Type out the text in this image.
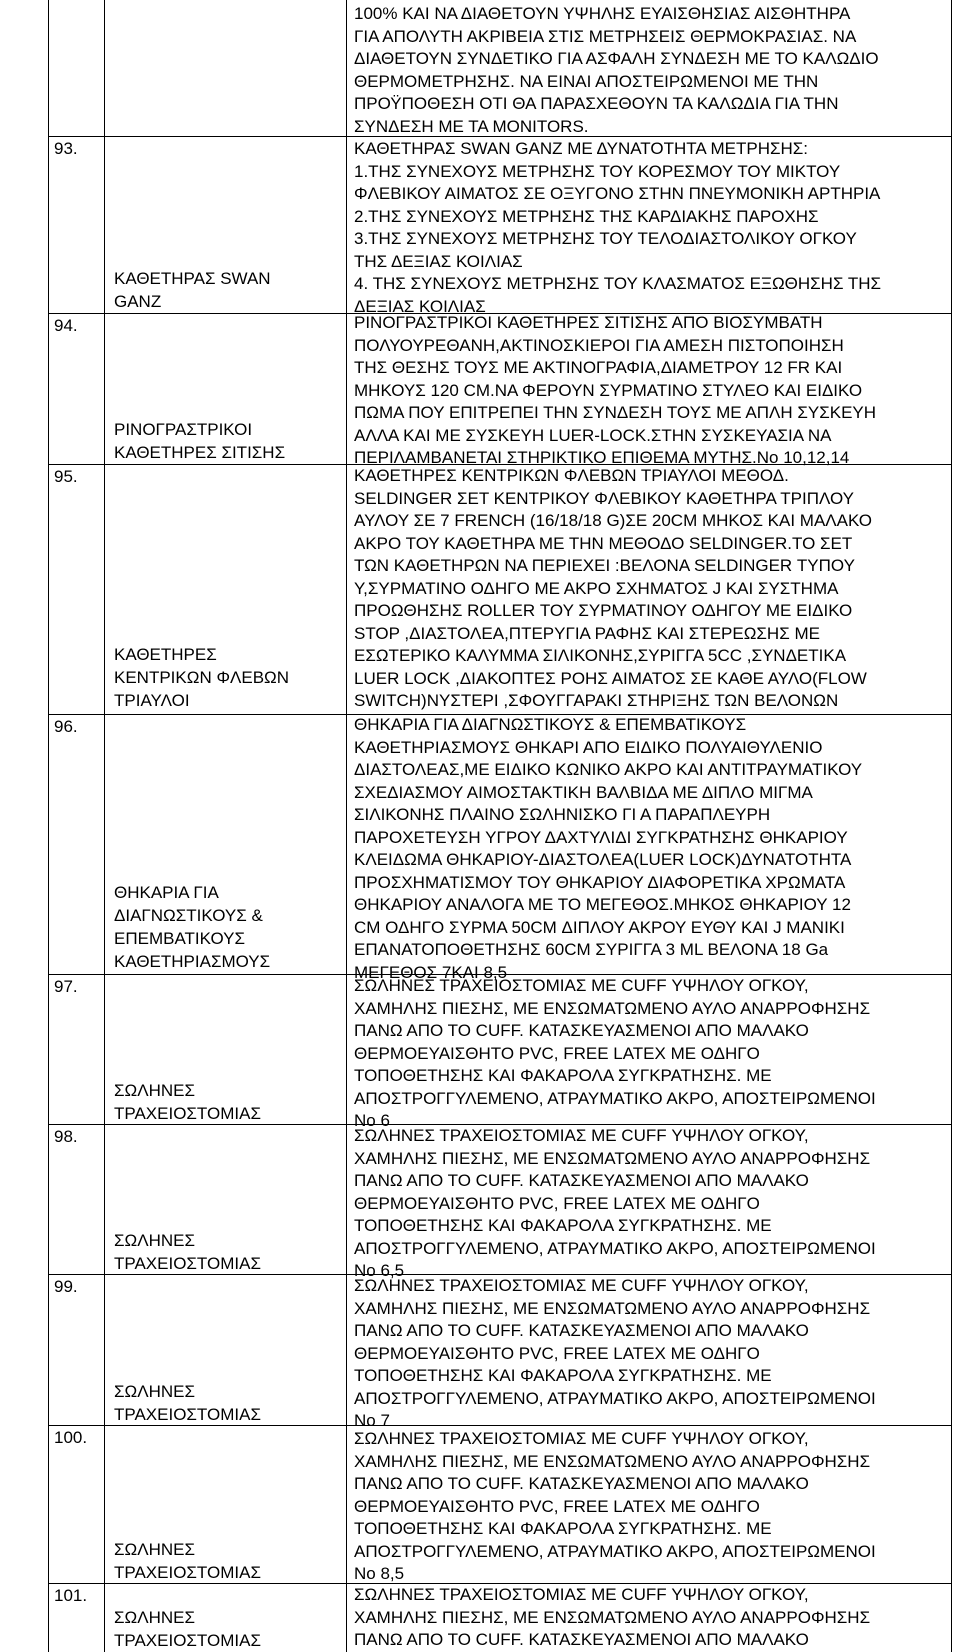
100% ΚΑΙ ΝΑ ΔΙΑΘΕΤΟΥΝ ΥΨΗΛΗΣ ΕΥΑΙΣΘΗΣΙΑΣ ΑΙΣΘΗΤΗΡΑ
ΓΙΑ ΑΠΟΛΥΤΗ ΑΚΡΙΒΕΙΑ ΣΤΙΣ ΜΕΤΡΗΣΕΙΣ ΘΕΡΜΟΚΡΑΣΙΑΣ. ΝΑ
ΔΙΑΘΕΤΟΥΝ ΣΥΝΔΕΤΙΚΟ ΓΙΑ ΑΣΦΑΛΗ ΣΥΝΔΕΣΗ ΜΕ ΤΟ ΚΑΛΩΔΙΟ
ΘΕΡΜΟΜΕΤΡΗΣΗΣ. ΝΑ ΕΙΝΑΙ ΑΠΟΣΤΕΙΡΩΜΕΝΟΙ ΜΕ ΤΗΝ
ΠΡΟΫΠΟΘΕΣΗ ΟΤΙ ΘΑ ΠΑΡΑΣΧΕΘΟΥΝ ΤΑ ΚΑΛΩΔΙΑ ΓΙΑ ΤΗΝ
ΣΥΝΔΕΣΗ ΜΕ ΤΑ MONITORS.
93.
ΚΑΘΕΤΗΡΑΣ SWAN
GANZ
ΚΑΘΕΤΗΡΑΣ SWAN GANZ ΜΕ ΔΥΝΑΤΟΤΗΤΑ ΜΕΤΡΗΣΗΣ:
1.ΤΗΣ ΣΥΝΕΧΟΥΣ ΜΕΤΡΗΣΗΣ ΤΟΥ ΚΟΡΕΣΜΟΥ ΤΟΥ ΜΙΚΤΟΥ
ΦΛΕΒΙΚΟΥ ΑΙΜΑΤΟΣ ΣΕ ΟΞΥΓΟΝΟ ΣΤΗΝ ΠΝΕΥΜΟΝΙΚΗ ΑΡΤΗΡΙΑ
2.ΤΗΣ ΣΥΝΕΧΟΥΣ ΜΕΤΡΗΣΗΣ ΤΗΣ ΚΑΡΔΙΑΚΗΣ ΠΑΡΟΧΗΣ
3.ΤΗΣ ΣΥΝΕΧΟΥΣ ΜΕΤΡΗΣΗΣ ΤΟΥ ΤΕΛΟΔΙΑΣΤΟΛΙΚΟΥ ΟΓΚΟΥ
ΤΗΣ ΔΕΞΙΑΣ ΚΟΙΛΙΑΣ
4. ΤΗΣ ΣΥΝΕΧΟΥΣ ΜΕΤΡΗΣΗΣ ΤΟΥ ΚΛΑΣΜΑΤΟΣ ΕΞΩΘΗΣΗΣ ΤΗΣ
ΔΕΞΙΑΣ ΚΟΙΛΙΑΣ
94.
ΡΙΝΟΓΡΑΣΤΡΙΚΟΙ
ΚΑΘΕΤΗΡΕΣ ΣΙΤΙΣΗΣ
ΡΙΝΟΓΡΑΣΤΡΙΚΟΙ ΚΑΘΕΤΗΡΕΣ ΣΙΤΙΣΗΣ ΑΠΟ ΒΙΟΣΥΜΒΑΤΗ
ΠΟΛΥΟΥΡΕΘΑΝΗ,ΑΚΤΙΝΟΣΚΙΕΡΟΙ ΓΙΑ ΑΜΕΣΗ ΠΙΣΤΟΠΟΙΗΣΗ
ΤΗΣ ΘΕΣΗΣ ΤΟΥΣ ΜΕ ΑΚΤΙΝΟΓΡΑΦΙΑ,ΔΙΑΜΕΤΡΟΥ 12 FR ΚΑΙ
ΜΗΚΟΥΣ 120 CM.ΝΑ ΦΕΡΟΥΝ ΣΥΡΜΑΤΙΝΟ ΣΤΥΛΕΟ ΚΑΙ ΕΙΔΙΚΟ
ΠΩΜΑ ΠΟΥ ΕΠΙΤΡΕΠΕΙ ΤΗΝ ΣΥΝΔΕΣΗ ΤΟΥΣ ΜΕ ΑΠΛΗ ΣΥΣΚΕΥΗ
ΑΛΛΑ ΚΑΙ ΜΕ ΣΥΣΚΕΥΗ LUER-LOCK.ΣΤΗΝ ΣΥΣΚΕΥΑΣΙΑ ΝΑ
ΠΕΡΙΛΑΜΒΑΝΕΤΑΙ ΣΤΗΡΙΚΤΙΚΟ ΕΠΙΘΕΜΑ ΜΥΤΗΣ.Νο 10,12,14
95.
ΚΑΘΕΤΗΡΕΣ
ΚΕΝΤΡΙΚΩΝ ΦΛΕΒΩΝ
ΤΡΙΑΥΛΟΙ
ΚΑΘΕΤΗΡΕΣ ΚΕΝΤΡΙΚΩΝ ΦΛΕΒΩΝ ΤΡΙΑΥΛΟΙ ΜΕΘΟΔ.
SELDINGER ΣΕΤ ΚΕΝΤΡΙΚΟΥ ΦΛΕΒΙΚΟΥ ΚΑΘΕΤΗΡΑ ΤΡΙΠΛΟΥ
ΑΥΛΟΥ ΣΕ 7 FRENCH (16/18/18 G)ΣΕ 20CM ΜΗΚΟΣ ΚΑΙ ΜΑΛΑΚΟ
ΑΚΡΟ ΤΟΥ ΚΑΘΕΤΗΡΑ ΜΕ ΤΗΝ ΜΕΘΟΔΟ SELDINGER.ΤΟ ΣΕΤ
ΤΩΝ ΚΑΘΕΤΗΡΩΝ ΝΑ ΠΕΡΙΕΧΕΙ :ΒΕΛΟΝΑ SELDINGER ΤΥΠΟΥ
Υ,ΣΥΡΜΑΤΙΝΟ ΟΔΗΓΟ ΜΕ ΑΚΡΟ ΣΧΗΜΑΤΟΣ J ΚΑΙ ΣΥΣΤΗΜΑ
ΠΡΟΩΘΗΣΗΣ ROLLER ΤΟΥ ΣΥΡΜΑΤΙΝΟΥ ΟΔΗΓΟΥ ΜΕ ΕΙΔΙΚΟ
STOP ,ΔΙΑΣΤΟΛΕΑ,ΠΤΕΡΥΓΙΑ ΡΑΦΗΣ ΚΑΙ ΣΤΕΡΕΩΣΗΣ ΜΕ
ΕΣΩΤΕΡΙΚΟ ΚΑΛΥΜΜΑ ΣΙΛΙΚΟΝΗΣ,ΣΥΡΙΓΓΑ 5CC ,ΣΥΝΔΕΤΙΚΑ
LUER LOCK ,ΔΙΑΚΟΠΤΕΣ ΡΟΗΣ ΑΙΜΑΤΟΣ ΣΕ ΚΑΘΕ ΑΥΛΟ(FLOW
SWITCH)ΝΥΣΤΕΡΙ ,ΣΦΟΥΓΓΑΡΑΚΙ ΣΤΗΡΙΞΗΣ ΤΩΝ ΒΕΛΟΝΩΝ
96.
ΘΗΚΑΡΙΑ ΓΙΑ
ΔΙΑΓΝΩΣΤΙΚΟΥΣ &
ΕΠΕΜΒΑΤΙΚΟΥΣ
ΚΑΘΕΤΗΡΙΑΣΜΟΥΣ
ΘΗΚΑΡΙΑ ΓΙΑ ΔΙΑΓΝΩΣΤΙΚΟΥΣ & ΕΠΕΜΒΑΤΙΚΟΥΣ
ΚΑΘΕΤΗΡΙΑΣΜΟΥΣ ΘΗΚΑΡΙ ΑΠΟ ΕΙΔΙΚΟ ΠΟΛΥΑΙΘΥΛΕΝΙΟ
ΔΙΑΣΤΟΛΕΑΣ,ΜΕ ΕΙΔΙΚΟ ΚΩΝΙΚΟ ΑΚΡΟ ΚΑΙ ΑΝΤΙΤΡΑΥΜΑΤΙΚΟΥ
ΣΧΕΔΙΑΣΜΟΥ ΑΙΜΟΣΤΑΚΤΙΚΗ ΒΑΛΒΙΔΑ ΜΕ ΔΙΠΛΟ ΜΙΓΜΑ
ΣΙΛΙΚΟΝΗΣ ΠΛΑΙΝΟ ΣΩΛΗΝΙΣΚΟ ΓΙ Α ΠΑΡΑΠΛΕΥΡΗ
ΠΑΡΟΧΕΤΕΥΣΗ ΥΓΡΟΥ ΔΑΧΤΥΛΙΔΙ ΣΥΓΚΡΑΤΗΣΗΣ ΘΗΚΑΡΙΟΥ
ΚΛΕΙΔΩΜΑ ΘΗΚΑΡΙΟΥ-ΔΙΑΣΤΟΛΕΑ(LUER LOCK)ΔΥΝΑΤΟΤΗΤΑ
ΠΡΟΣΧΗΜΑΤΙΣΜΟΥ ΤΟΥ ΘΗΚΑΡΙΟΥ ΔΙΑΦΟΡΕΤΙΚΑ ΧΡΩΜΑΤΑ
ΘΗΚΑΡΙΟΥ ΑΝΑΛΟΓΑ ΜΕ ΤΟ ΜΕΓΕΘΟΣ.ΜΗΚΟΣ ΘΗΚΑΡΙΟΥ 12
CM ΟΔΗΓΟ ΣΥΡΜΑ 50CM ΔΙΠΛΟΥ ΑΚΡΟΥ ΕΥΘΥ ΚΑΙ J ΜΑΝΙΚΙ
ΕΠΑΝΑΤΟΠΟΘΕΤΗΣΗΣ 60CM ΣΥΡΙΓΓΑ 3 ML ΒΕΛΟΝΑ 18 Ga
ΜΕΓΕΘΟΣ 7ΚΑΙ 8,5
97.
ΣΩΛΗΝΕΣ
ΤΡΑΧΕΙΟΣΤΟΜΙΑΣ
ΣΩΛΗΝΕΣ ΤΡΑΧΕΙΟΣΤΟΜΙΑΣ ΜΕ CUFF ΥΨΗΛΟΥ ΟΓΚΟΥ,
ΧΑΜΗΛΗΣ ΠΙΕΣΗΣ, ΜΕ ΕΝΣΩΜΑΤΩΜΕΝΟ ΑΥΛΟ ΑΝΑΡΡΟΦΗΣΗΣ
ΠΑΝΩ ΑΠΟ ΤΟ CUFF. ΚΑΤΑΣΚΕΥΑΣΜΕΝΟΙ ΑΠΟ ΜΑΛΑΚΟ
ΘΕΡΜΟΕΥΑΙΣΘΗΤΟ PVC, FREE LATEX ΜΕ ΟΔΗΓΟ
ΤΟΠΟΘΕΤΗΣΗΣ ΚΑΙ ΦΑΚΑΡΟΛΑ ΣΥΓΚΡΑΤΗΣΗΣ. ΜΕ
ΑΠΟΣΤΡΟΓΓΥΛΕΜΕΝΟ, ΑΤΡΑΥΜΑΤΙΚΟ ΑΚΡΟ, ΑΠΟΣΤΕΙΡΩΜΕΝΟΙ
Νο 6
98.
ΣΩΛΗΝΕΣ
ΤΡΑΧΕΙΟΣΤΟΜΙΑΣ
ΣΩΛΗΝΕΣ ΤΡΑΧΕΙΟΣΤΟΜΙΑΣ ΜΕ CUFF ΥΨΗΛΟΥ ΟΓΚΟΥ,
ΧΑΜΗΛΗΣ ΠΙΕΣΗΣ, ΜΕ ΕΝΣΩΜΑΤΩΜΕΝΟ ΑΥΛΟ ΑΝΑΡΡΟΦΗΣΗΣ
ΠΑΝΩ ΑΠΟ ΤΟ CUFF. ΚΑΤΑΣΚΕΥΑΣΜΕΝΟΙ ΑΠΟ ΜΑΛΑΚΟ
ΘΕΡΜΟΕΥΑΙΣΘΗΤΟ PVC, FREE LATEX ΜΕ ΟΔΗΓΟ
ΤΟΠΟΘΕΤΗΣΗΣ ΚΑΙ ΦΑΚΑΡΟΛΑ ΣΥΓΚΡΑΤΗΣΗΣ. ΜΕ
ΑΠΟΣΤΡΟΓΓΥΛΕΜΕΝΟ, ΑΤΡΑΥΜΑΤΙΚΟ ΑΚΡΟ, ΑΠΟΣΤΕΙΡΩΜΕΝΟΙ
Νο 6,5
99.
ΣΩΛΗΝΕΣ
ΤΡΑΧΕΙΟΣΤΟΜΙΑΣ
ΣΩΛΗΝΕΣ ΤΡΑΧΕΙΟΣΤΟΜΙΑΣ ΜΕ CUFF ΥΨΗΛΟΥ ΟΓΚΟΥ,
ΧΑΜΗΛΗΣ ΠΙΕΣΗΣ, ΜΕ ΕΝΣΩΜΑΤΩΜΕΝΟ ΑΥΛΟ ΑΝΑΡΡΟΦΗΣΗΣ
ΠΑΝΩ ΑΠΟ ΤΟ CUFF. ΚΑΤΑΣΚΕΥΑΣΜΕΝΟΙ ΑΠΟ ΜΑΛΑΚΟ
ΘΕΡΜΟΕΥΑΙΣΘΗΤΟ PVC, FREE LATEX ΜΕ ΟΔΗΓΟ
ΤΟΠΟΘΕΤΗΣΗΣ ΚΑΙ ΦΑΚΑΡΟΛΑ ΣΥΓΚΡΑΤΗΣΗΣ. ΜΕ
ΑΠΟΣΤΡΟΓΓΥΛΕΜΕΝΟ, ΑΤΡΑΥΜΑΤΙΚΟ ΑΚΡΟ, ΑΠΟΣΤΕΙΡΩΜΕΝΟΙ
Νο 7
100.
ΣΩΛΗΝΕΣ
ΤΡΑΧΕΙΟΣΤΟΜΙΑΣ
ΣΩΛΗΝΕΣ ΤΡΑΧΕΙΟΣΤΟΜΙΑΣ ΜΕ CUFF ΥΨΗΛΟΥ ΟΓΚΟΥ,
ΧΑΜΗΛΗΣ ΠΙΕΣΗΣ, ΜΕ ΕΝΣΩΜΑΤΩΜΕΝΟ ΑΥΛΟ ΑΝΑΡΡΟΦΗΣΗΣ
ΠΑΝΩ ΑΠΟ ΤΟ CUFF. ΚΑΤΑΣΚΕΥΑΣΜΕΝΟΙ ΑΠΟ ΜΑΛΑΚΟ
ΘΕΡΜΟΕΥΑΙΣΘΗΤΟ PVC, FREE LATEX ΜΕ ΟΔΗΓΟ
ΤΟΠΟΘΕΤΗΣΗΣ ΚΑΙ ΦΑΚΑΡΟΛΑ ΣΥΓΚΡΑΤΗΣΗΣ. ΜΕ
ΑΠΟΣΤΡΟΓΓΥΛΕΜΕΝΟ, ΑΤΡΑΥΜΑΤΙΚΟ ΑΚΡΟ, ΑΠΟΣΤΕΙΡΩΜΕΝΟΙ
Νο 8,5
101.
ΣΩΛΗΝΕΣ
ΤΡΑΧΕΙΟΣΤΟΜΙΑΣ
ΣΩΛΗΝΕΣ ΤΡΑΧΕΙΟΣΤΟΜΙΑΣ ΜΕ CUFF ΥΨΗΛΟΥ ΟΓΚΟΥ,
ΧΑΜΗΛΗΣ ΠΙΕΣΗΣ, ΜΕ ΕΝΣΩΜΑΤΩΜΕΝΟ ΑΥΛΟ ΑΝΑΡΡΟΦΗΣΗΣ
ΠΑΝΩ ΑΠΟ ΤΟ CUFF. ΚΑΤΑΣΚΕΥΑΣΜΕΝΟΙ ΑΠΟ ΜΑΛΑΚΟ
